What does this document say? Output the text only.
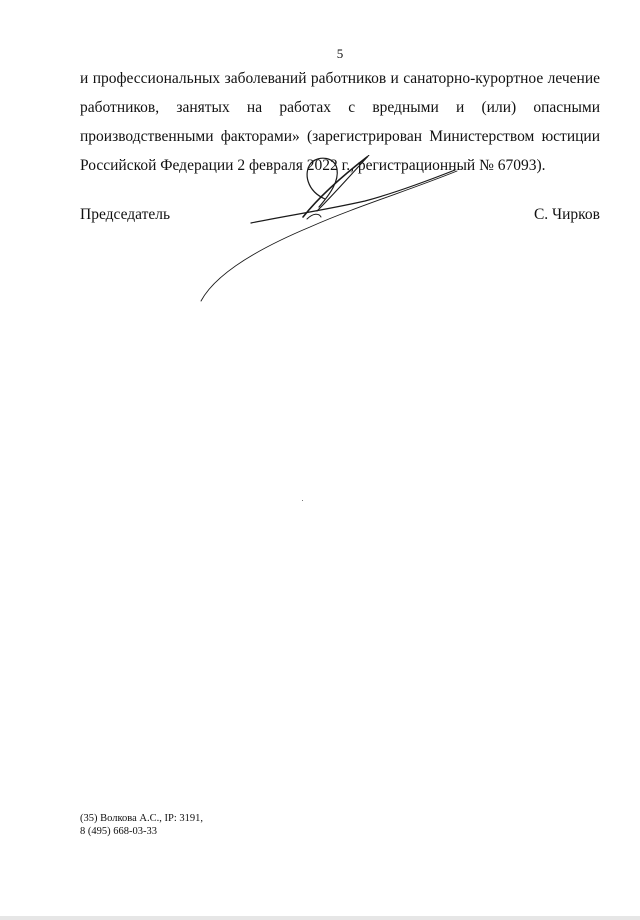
5
и профессиональных заболеваний работников и санаторно-курортное лечение
работников, занятых на работах с вредными и (или) опасными
производственными факторами» (зарегистрирован Министерством юстиции
Российской Федерации 2 февраля 2022 г., регистрационный № 67093).
Председатель	С. Чирков
(35) Волкова А.С., IP: 3191,
8 (495) 668-03-33
